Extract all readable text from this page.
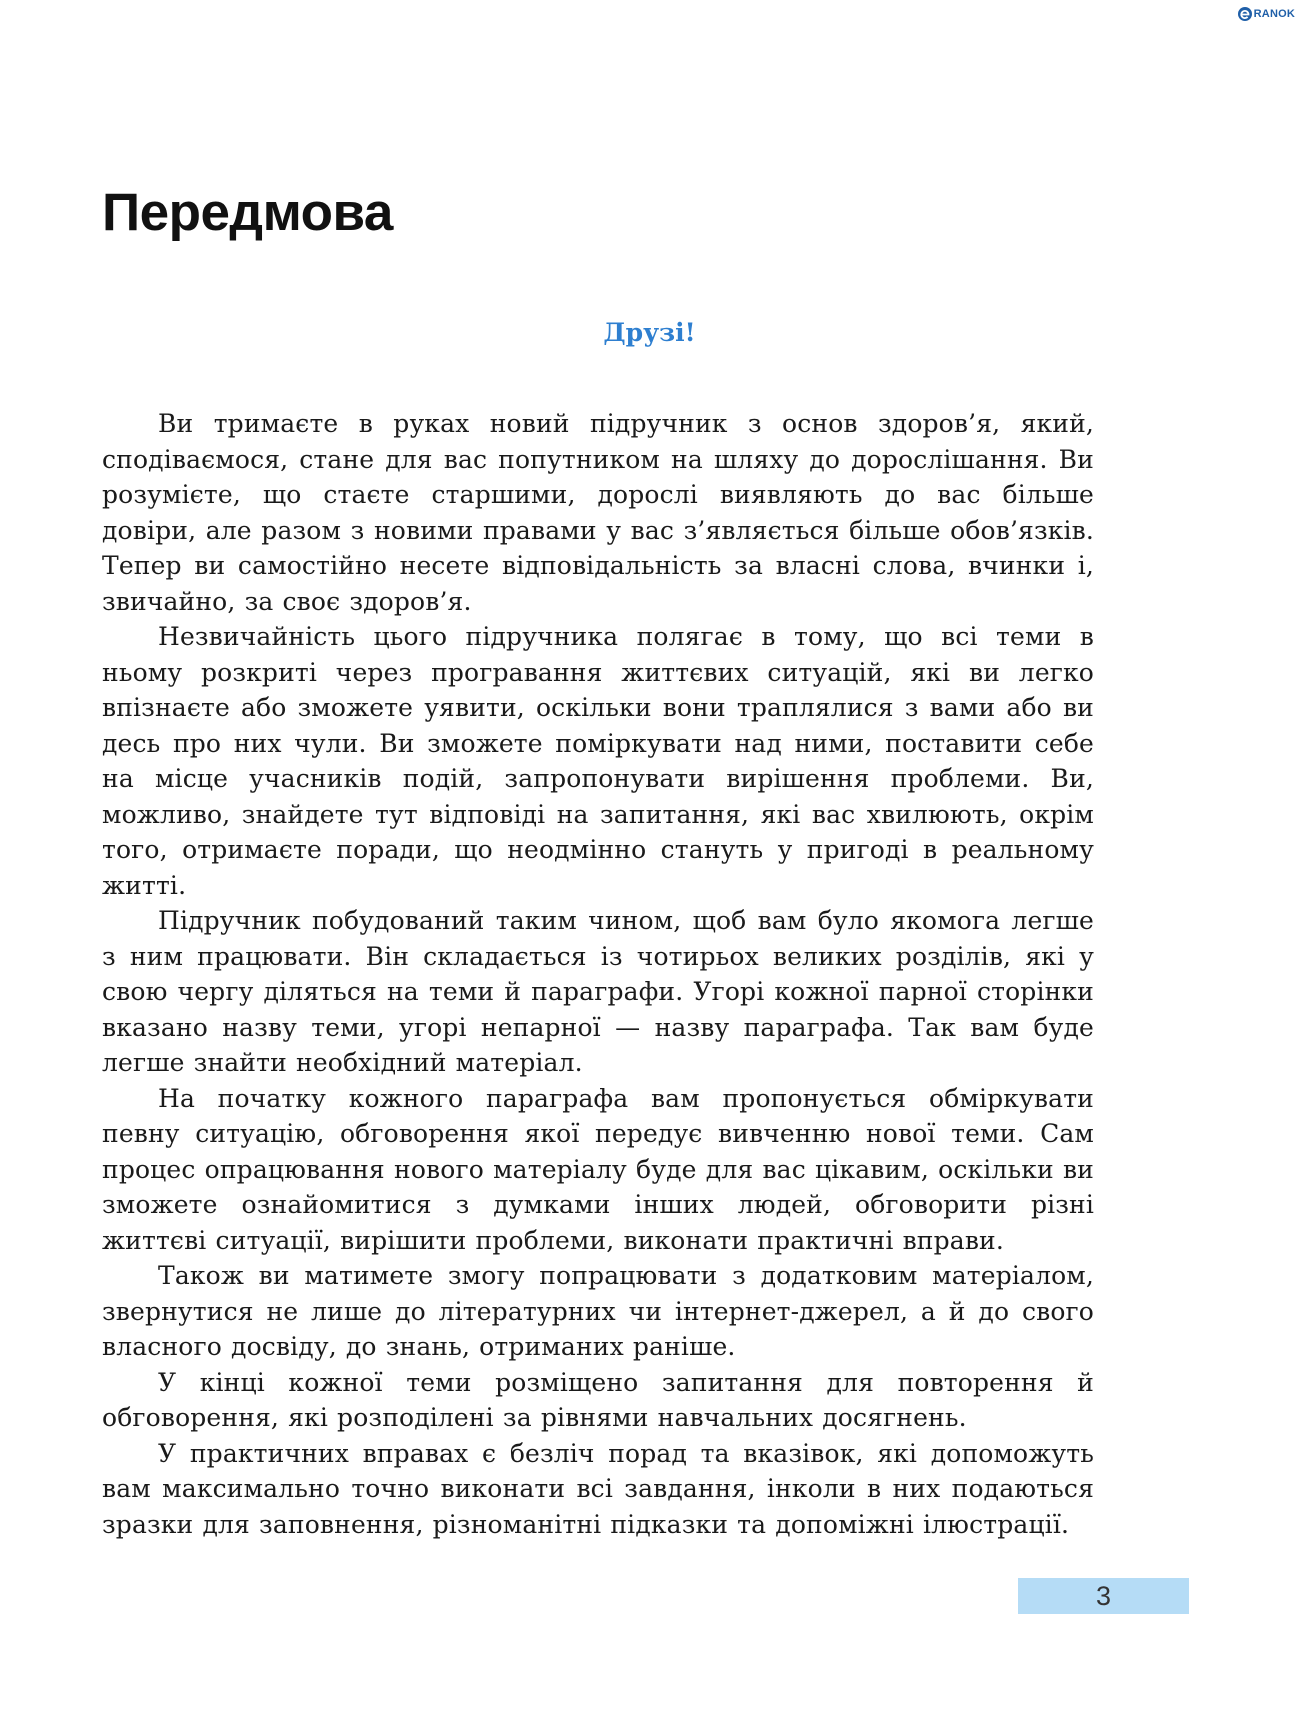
RANOK
Передмова
Друзі!

Ви тримаєте в руках новий підручник з основ здоров’я, який, сподіваємося, стане для вас попутником на шляху до дорослішання. Ви розумієте, що стаєте старшими, дорослі виявляють до вас більше довіри, але разом з новими правами у вас з’являється більше обов’язків. Тепер ви самостійно несете відповідальність за власні слова, вчинки і, звичайно, за своє здоров’я.

Незвичайність цього підручника полягає в тому, що всі теми в ньому розкриті через програвання життєвих ситуацій, які ви легко впізнаєте або зможете уявити, оскільки вони траплялися з вами або ви десь про них чули. Ви зможете поміркувати над ними, поставити себе на місце учасників подій, запропонувати вирішення проблеми. Ви, можливо, знайдете тут відповіді на запитання, які вас хвилюють, окрім того, отримаєте поради, що неодмінно стануть у пригоді в реальному житті.

Підручник побудований таким чином, щоб вам було якомога легше з ним працювати. Він складається із чотирьох великих розділів, які у свою чергу діляться на теми й параграфи. Угорі кожної парної сторінки вказано назву теми, угорі непарної — назву параграфа. Так вам буде легше знайти необхідний матеріал.

На початку кожного параграфа вам пропонується обміркувати певну ситуацію, обговорення якої передує вивченню нової теми. Сам процес опрацювання нового матеріалу буде для вас цікавим, оскільки ви зможете ознайомитися з думками інших людей, обговорити різні життєві ситуації, вирішити проблеми, виконати практичні вправи.

Також ви матимете змогу попрацювати з додатковим матеріалом, звернутися не лише до літературних чи інтернет-джерел, а й до свого власного досвіду, до знань, отриманих раніше.

У кінці кожної теми розміщено запитання для повторення й обговорення, які розподілені за рівнями навчальних досягнень.

У практичних вправах є безліч порад та вказівок, які допоможуть вам максимально точно виконати всі завдання, інколи в них подаються зразки для заповнення, різноманітні підказки та допоміжні ілюстрації.

3
